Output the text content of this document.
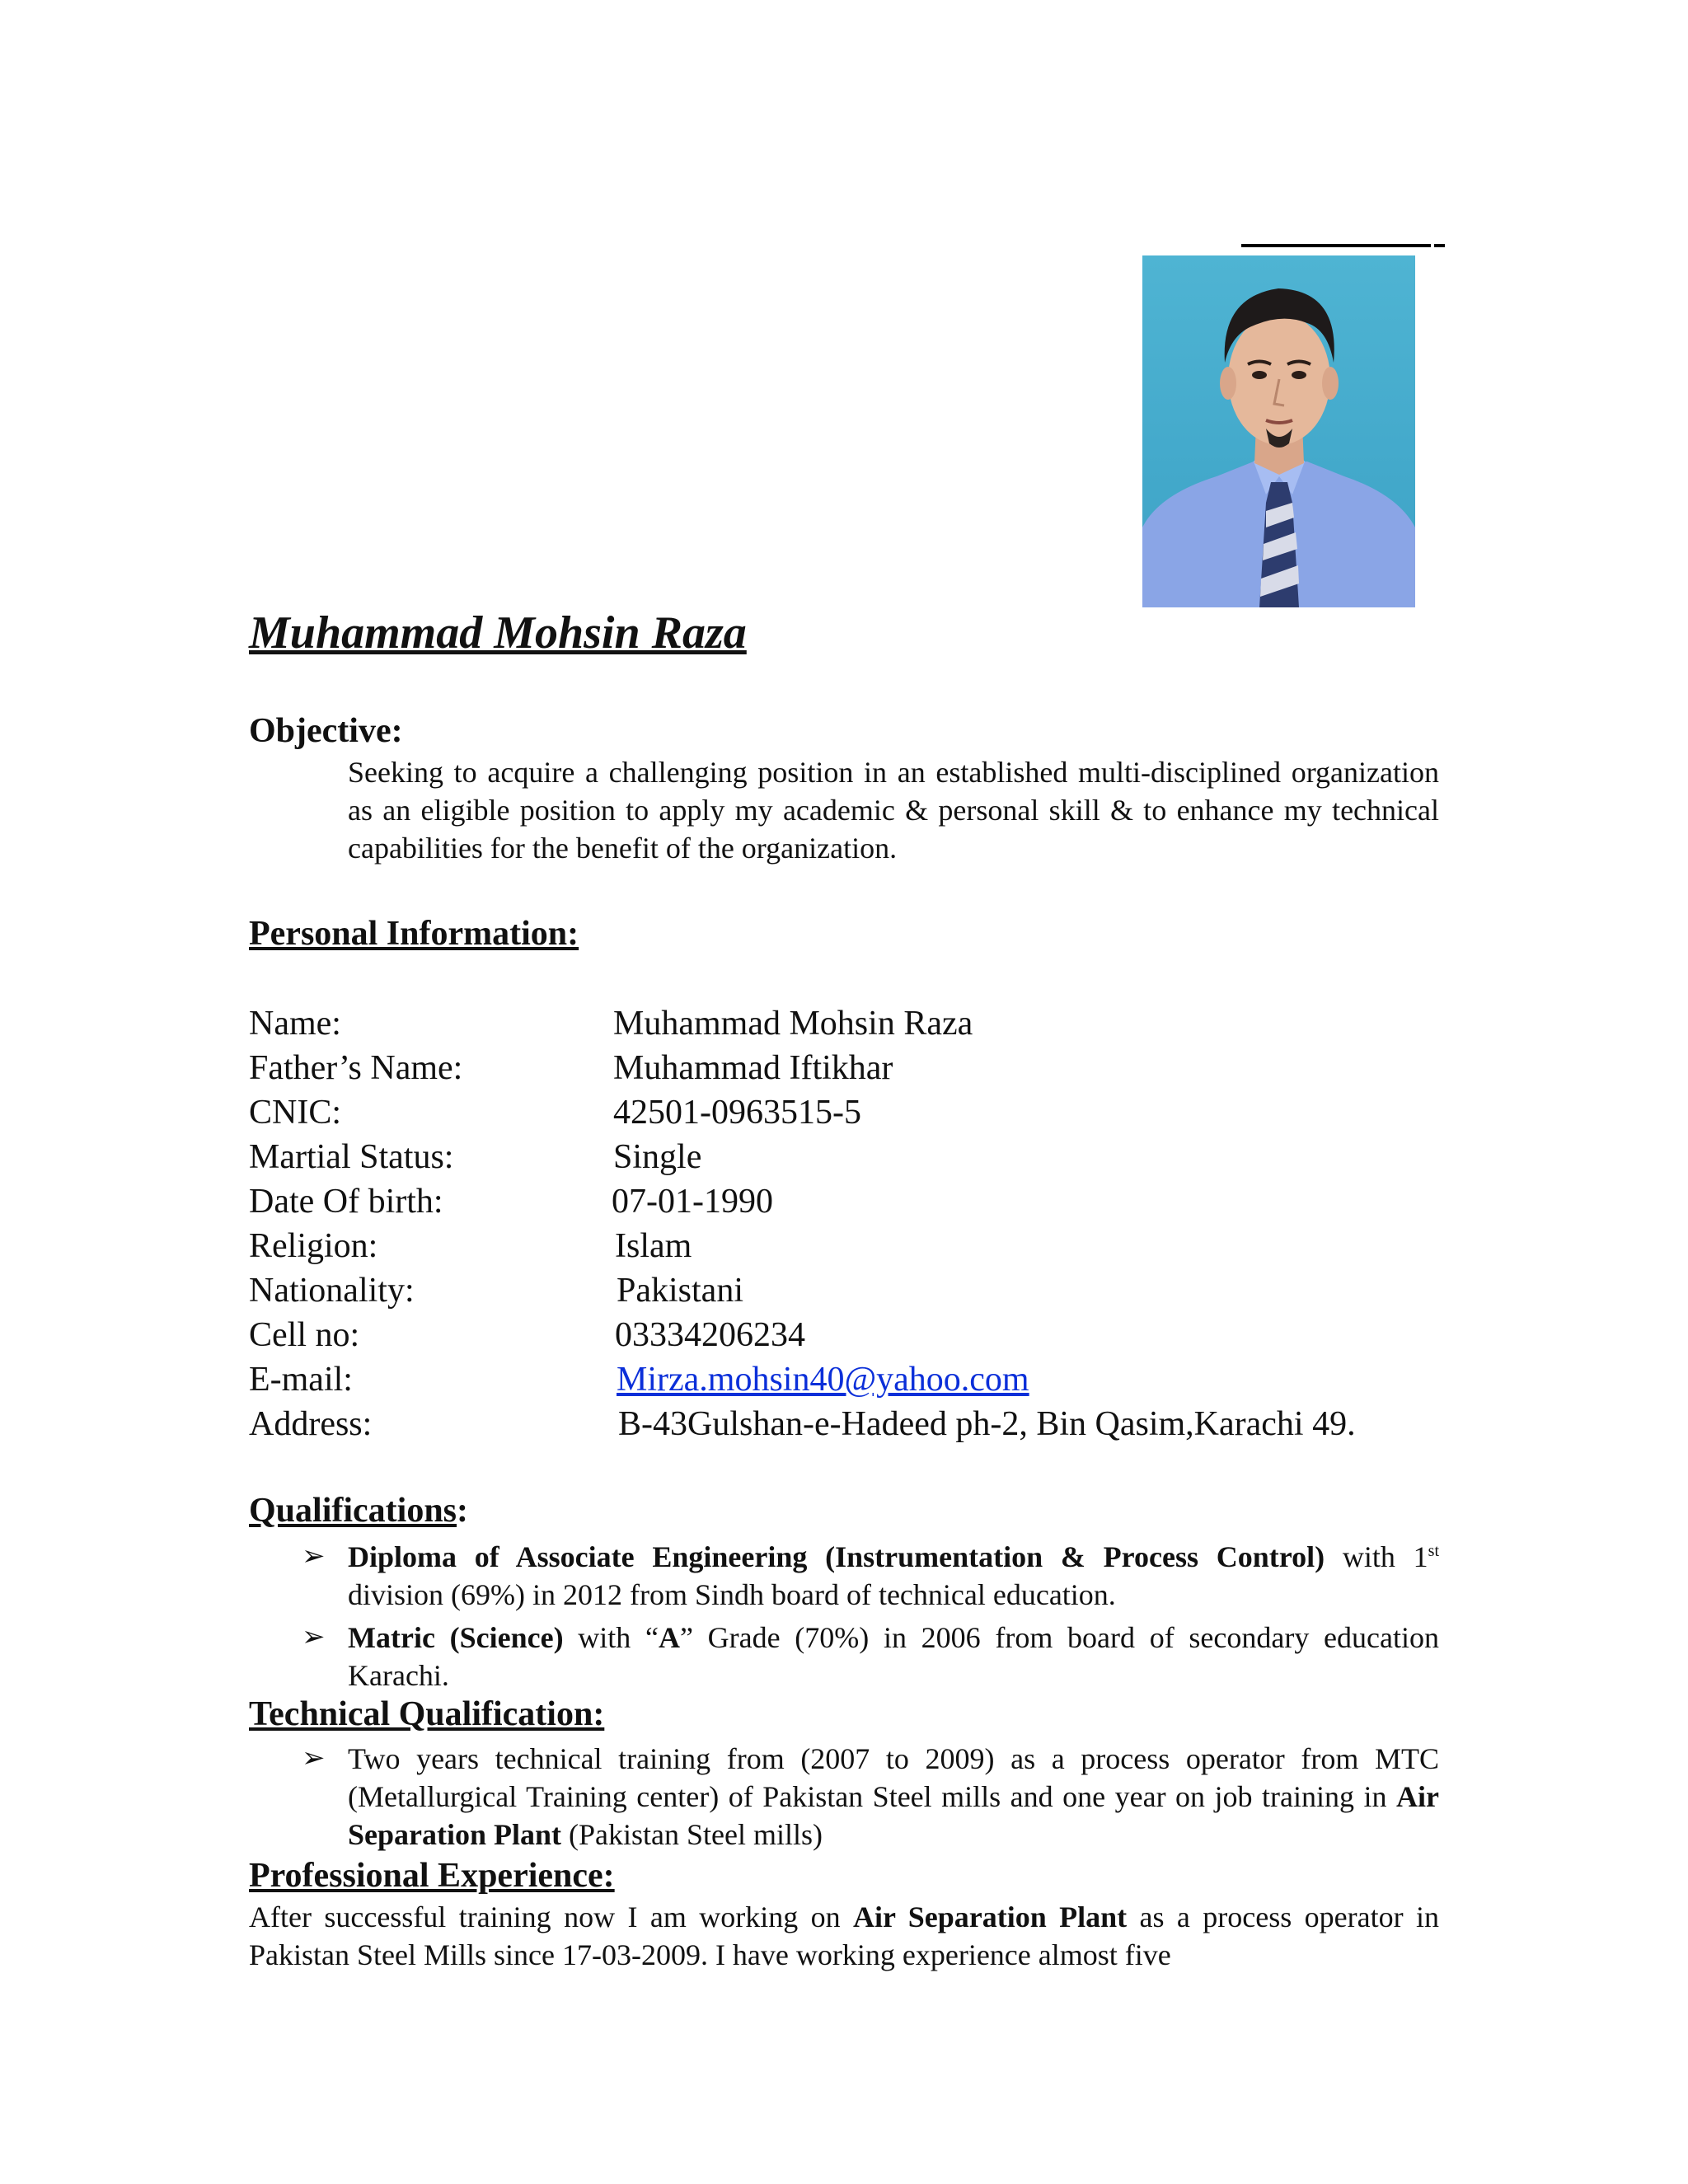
Muhammad Mohsin Raza
Objective:

Seeking to acquire a challenging position in an established multi-disciplined organization as an eligible position to apply my academic & personal skill & to enhance my technical capabilities for the benefit of the organization.

Personal Information:
Name:	Muhammad Mohsin Raza
Father’s Name:	Muhammad Iftikhar
CNIC:	42501-0963515-5
Martial Status:	Single
Date Of birth:	07-01-1990
Religion:	Islam
Nationality:	Pakistani
Cell no:	03334206234
E-mail:	Mirza.mohsin40@yahoo.com
Address:	B-43Gulshan-e-Hadeed ph-2, Bin Qasim,Karachi 49.
Qualifications:
➢ Diploma of Associate Engineering (Instrumentation & Process Control) with 1st division (69%) in 2012 from Sindh board of technical education.

➢ Matric (Science) with “A” Grade (70%) in 2006 from board of secondary education Karachi.

Technical Qualification:
➢ Two years technical training from (2007 to 2009) as a process operator from MTC (Metallurgical Training center) of Pakistan Steel mills and one year on job training in Air Separation Plant (Pakistan Steel mills)

Professional Experience:

After successful training now I am working on Air Separation Plant as a process operator in Pakistan Steel Mills since 17-03-2009. I have working experience almost five
